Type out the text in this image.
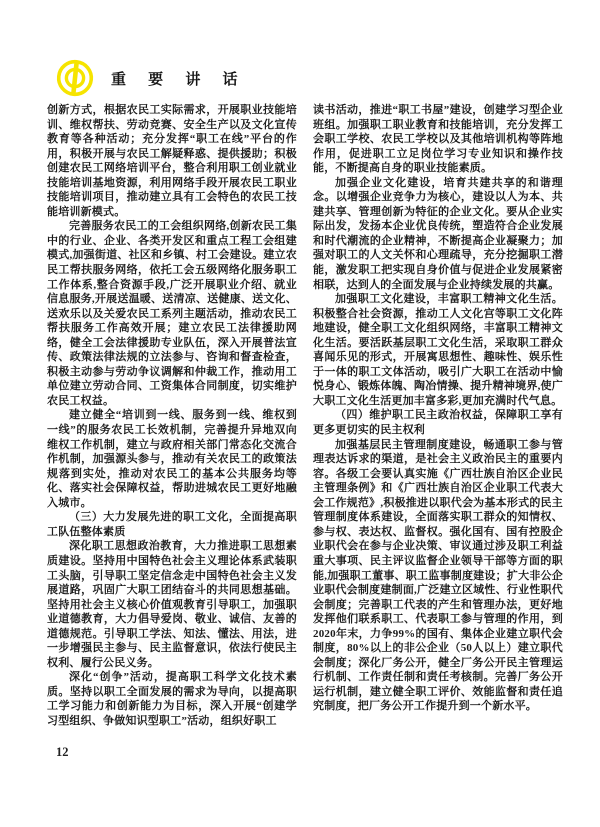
重 要 讲 话

创新方式，根据农民工实际需求，开展职业技能培训、维权帮扶、劳动竞赛、安全生产以及文化宣传教育等各种活动；充分发挥“职工在线”平台的作用，积极开展与农民工解疑释惑、提供援助；积极创建农民工网络培训平台，整合利用职工创业就业技能培训基地资源，利用网络手段开展农民工职业技能培训项目，推动建立具有工会特色的农民工技能培训新模式。

完善服务农民工的工会组织网络,创新农民工集中的行业、企业、各类开发区和重点工程工会组建模式,加强街道、社区和乡镇、村工会建设。建立农民工帮扶服务网络，依托工会五级网络化服务职工工作体系,整合资源手段,广泛开展职业介绍、就业信息服务,开展送温暖、送清凉、送健康、送文化、送欢乐以及关爱农民工系列主题活动，推动农民工帮扶服务工作高效开展；建立农民工法律援助网络，健全工会法律援助专业队伍，深入开展普法宣传、政策法律法规的立法参与、咨询和督查检查，积极主动参与劳动争议调解和仲裁工作，推动用工单位建立劳动合同、工资集体合同制度，切实维护农民工权益。

建立健全“培训到一线、服务到一线、维权到一线”的服务农民工长效机制，完善提升异地双向维权工作机制，建立与政府相关部门常态化交流合作机制，加强源头参与，推动有关农民工的政策法规落到实处，推动对农民工的基本公共服务均等化、落实社会保障权益，帮助进城农民工更好地融入城市。

（三）大力发展先进的职工文化，全面提高职工队伍整体素质

深化职工思想政治教育，大力推进职工思想素质建设。坚持用中国特色社会主义理论体系武装职工头脑，引导职工坚定信念走中国特色社会主义发展道路，巩固广大职工团结奋斗的共同思想基础。坚持用社会主义核心价值观教育引导职工，加强职业道德教育，大力倡导爱岗、敬业、诚信、友善的道德规范。引导职工学法、知法、懂法、用法，进一步增强民主参与、民主监督意识，依法行使民主权利、履行公民义务。

深化“创争”活动，提高职工科学文化技术素质。坚持以职工全面发展的需求为导向，以提高职工学习能力和创新能力为目标，深入开展“创建学习型组织、争做知识型职工”活动，组织好职工

读书活动，推进“职工书屋”建设，创建学习型企业班组。加强职工职业教育和技能培训，充分发挥工会职工学校、农民工学校以及其他培训机构等阵地作用，促进职工立足岗位学习专业知识和操作技能，不断提高自身的职业技能素质。

加强企业文化建设，培育共建共享的和谐理念。以增强企业竞争力为核心，建设以人为本、共建共享、管理创新为特征的企业文化。要从企业实际出发，发扬本企业优良传统，塑造符合企业发展和时代潮流的企业精神，不断提高企业凝聚力；加强对职工的人文关怀和心理疏导，充分挖掘职工潜能，激发职工把实现自身价值与促进企业发展紧密相联，达到人的全面发展与企业持续发展的共赢。

加强职工文化建设，丰富职工精神文化生活。积极整合社会资源，推动工人文化宫等职工文化阵地建设，健全职工文化组织网络，丰富职工精神文化生活。要活跃基层职工文化生活，采取职工群众喜闻乐见的形式，开展寓思想性、趣味性、娱乐性于一体的职工文体活动，吸引广大职工在活动中愉悦身心、锻炼体魄、陶冶情操、提升精神境界,使广大职工文化生活更加丰富多彩,更加充满时代气息。

（四）维护职工民主政治权益，保障职工享有更多更切实的民主权利

加强基层民主管理制度建设，畅通职工参与管理表达诉求的渠道，是社会主义政治民主的重要内容。各级工会要认真实施《广西壮族自治区企业民主管理条例》和《广西壮族自治区企业职工代表大会工作规范》,积极推进以职代会为基本形式的民主管理制度体系建设，全面落实职工群众的知情权、参与权、表达权、监督权。强化国有、国有控股企业职代会在参与企业决策、审议通过涉及职工利益重大事项、民主评议监督企业领导干部等方面的职能,加强职工董事、职工监事制度建设；扩大非公企业职代会制度建制面,广泛建立区域性、行业性职代会制度；完善职工代表的产生和管理办法，更好地发挥他们联系职工、代表职工参与管理的作用，到2020年末，力争99%的国有、集体企业建立职代会制度，80%以上的非公企业（50人以上）建立职代会制度；深化厂务公开，健全厂务公开民主管理运行机制、工作责任制和责任考核制。完善厂务公开运行机制，建立健全职工评价、效能监督和责任追究制度，把厂务公开工作提升到一个新水平。

12
